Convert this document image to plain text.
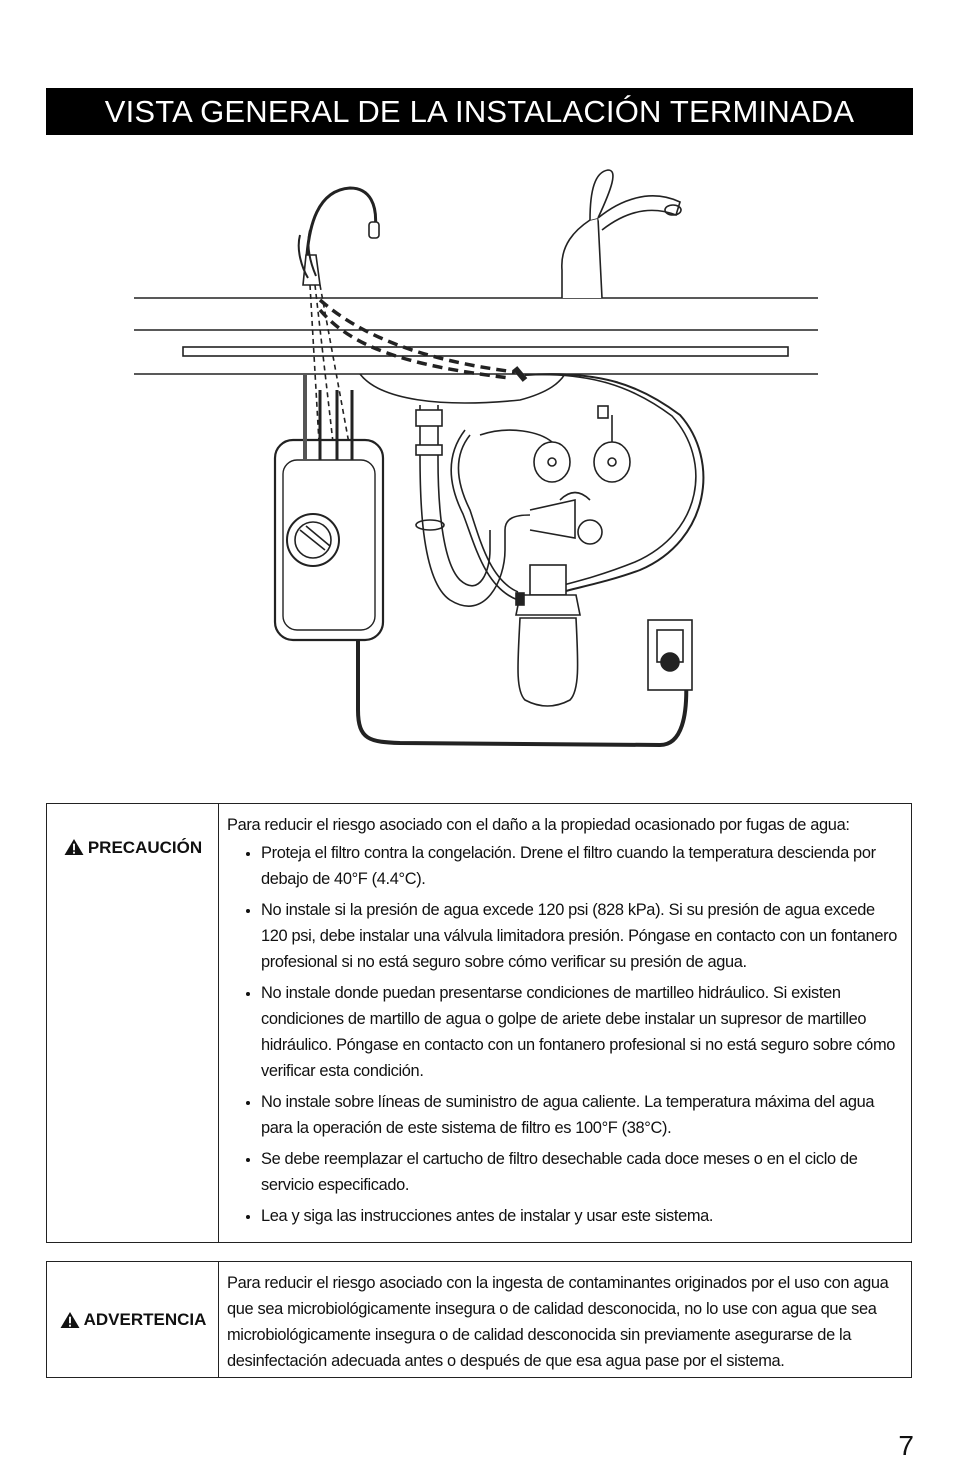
VISTA GENERAL DE LA INSTALACIÓN TERMINADA
PRECAUCIÓN
Para reducir el riesgo asociado con el daño a la propiedad ocasionado por fugas de agua:
• Proteja el filtro contra la congelación. Drene el filtro cuando la temperatura descienda por debajo de 40°F (4.4°C).
• No instale si la presión de agua excede 120 psi (828 kPa). Si su presión de agua excede 120 psi, debe instalar una válvula limitadora presión. Póngase en contacto con un fontanero profesional si no está seguro sobre cómo verificar su presión de agua.
• No instale donde puedan presentarse condiciones de martilleo hidráulico. Si existen condiciones de martillo de agua o golpe de ariete debe instalar un supresor de martilleo hidráulico. Póngase en contacto con un fontanero profesional si no está seguro sobre cómo verificar esta condición.
• No instale sobre líneas de suministro de agua caliente. La temperatura máxima del agua para la operación de este sistema de filtro es 100°F (38°C).
• Se debe reemplazar el cartucho de filtro desechable cada doce meses o en el ciclo de servicio especificado.
• Lea y siga las instrucciones antes de instalar y usar este sistema.
ADVERTENCIA
Para reducir el riesgo asociado con la ingesta de contaminantes originados por el uso con agua que sea microbiológicamente insegura o de calidad desconocida, no lo use con agua que sea microbiológicamente insegura o de calidad desconocida sin previamente asegurarse de la desinfectación adecuada antes o después de que esa agua pase por el sistema.
7
